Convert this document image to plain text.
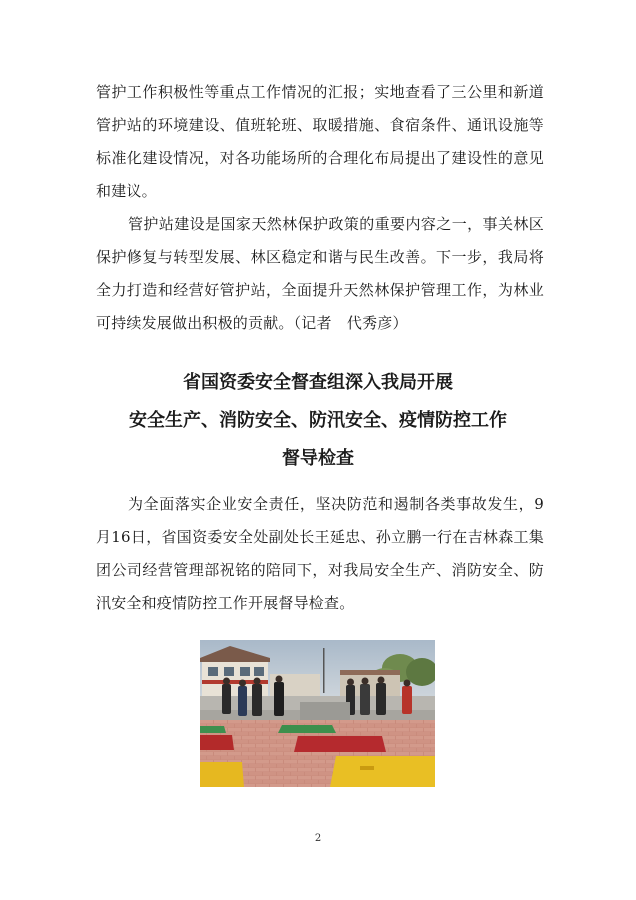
管护工作积极性等重点工作情况的汇报；实地查看了三公里和新道管护站的环境建设、值班轮班、取暖措施、食宿条件、通讯设施等标准化建设情况，对各功能场所的合理化布局提出了建设性的意见和建议。

管护站建设是国家天然林保护政策的重要内容之一，事关林区保护修复与转型发展、林区稳定和谐与民生改善。下一步，我局将全力打造和经营好管护站，全面提升天然林保护管理工作，为林业可持续发展做出积极的贡献。（记者　代秀彦）

省国资委安全督查组深入我局开展

安全生产、消防安全、防汛安全、疫情防控工作

督导检查

为全面落实企业安全责任，坚决防范和遏制各类事故发生，9月16日，省国资委安全处副处长王延忠、孙立鹏一行在吉林森工集团公司经营管理部祝铭的陪同下，对我局安全生产、消防安全、防汛安全和疫情防控工作开展督导检查。

2
